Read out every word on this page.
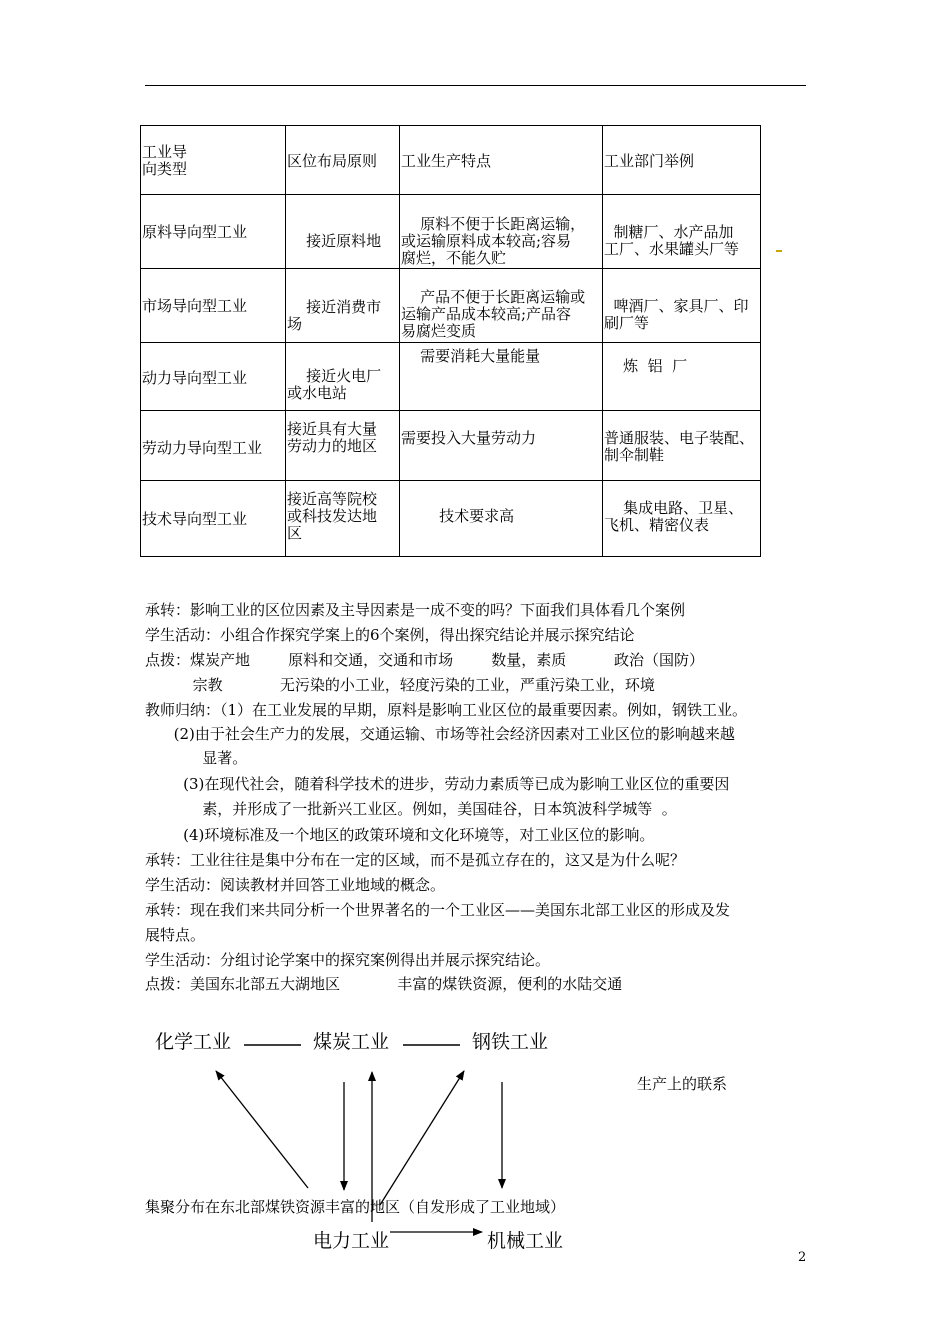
工业导
向类型	区位布局原则	工业生产特点	工业部门举例

原料导向型工业	接近原料地	原料不便于长距离运输，
或运输原料成本较高;容易
腐烂，不能久贮	制糖厂、水产品加
工厂、水果罐头厂等

市场导向型工业	接近消费市
场	产品不便于长距离运输或
运输产品成本较高;产品容
易腐烂变质	啤酒厂、家具厂、印
刷厂等

动力导向型工业	接近火电厂
或水电站	需要消耗大量能量	炼  铝  厂

劳动力导向型工业	接近具有大量
劳动力的地区	需要投入大量劳动力	普通服装、电子装配、
制伞制鞋

技术导向型工业	接近高等院校
或科技发达地
区	技术要求高	集成电路、卫星、
飞机、精密仪表
承转：影响工业的区位因素及主导因素是一成不变的吗？下面我们具体看几个案例
学生活动：小组合作探究学案上的6个案例，得出探究结论并展示探究结论
点拨：煤炭产地        原料和交通，交通和市场        数量，素质          政治（国防）
宗教            无污染的小工业，轻度污染的工业，严重污染工业，环境
教师归纳：（1）在工业发展的早期，原料是影响工业区位的最重要因素。例如，钢铁工业。
(2)由于社会生产力的发展，交通运输、市场等社会经济因素对工业区位的影响越来越
显著。
(3)在现代社会，随着科学技术的进步，劳动力素质等已成为影响工业区位的重要因
素，并形成了一批新兴工业区。例如，美国硅谷，日本筑波科学城等  。
(4)环境标准及一个地区的政策环境和文化环境等，对工业区位的影响。
承转：工业往往是集中分布在一定的区域，而不是孤立存在的，这又是为什么呢？
学生活动：阅读教材并回答工业地域的概念。
承转：现在我们来共同分析一个世界著名的一个工业区——美国东北部工业区的形成及发
展特点。
学生活动：分组讨论学案中的探究案例得出并展示探究结论。
点拨：美国东北部五大湖地区            丰富的煤铁资源，便利的水陆交通
化学工业	煤炭工业	钢铁工业
生产上的联系
集聚分布在东北部煤铁资源丰富的地区（自发形成了工业地域）
电力工业	机械工业
2
